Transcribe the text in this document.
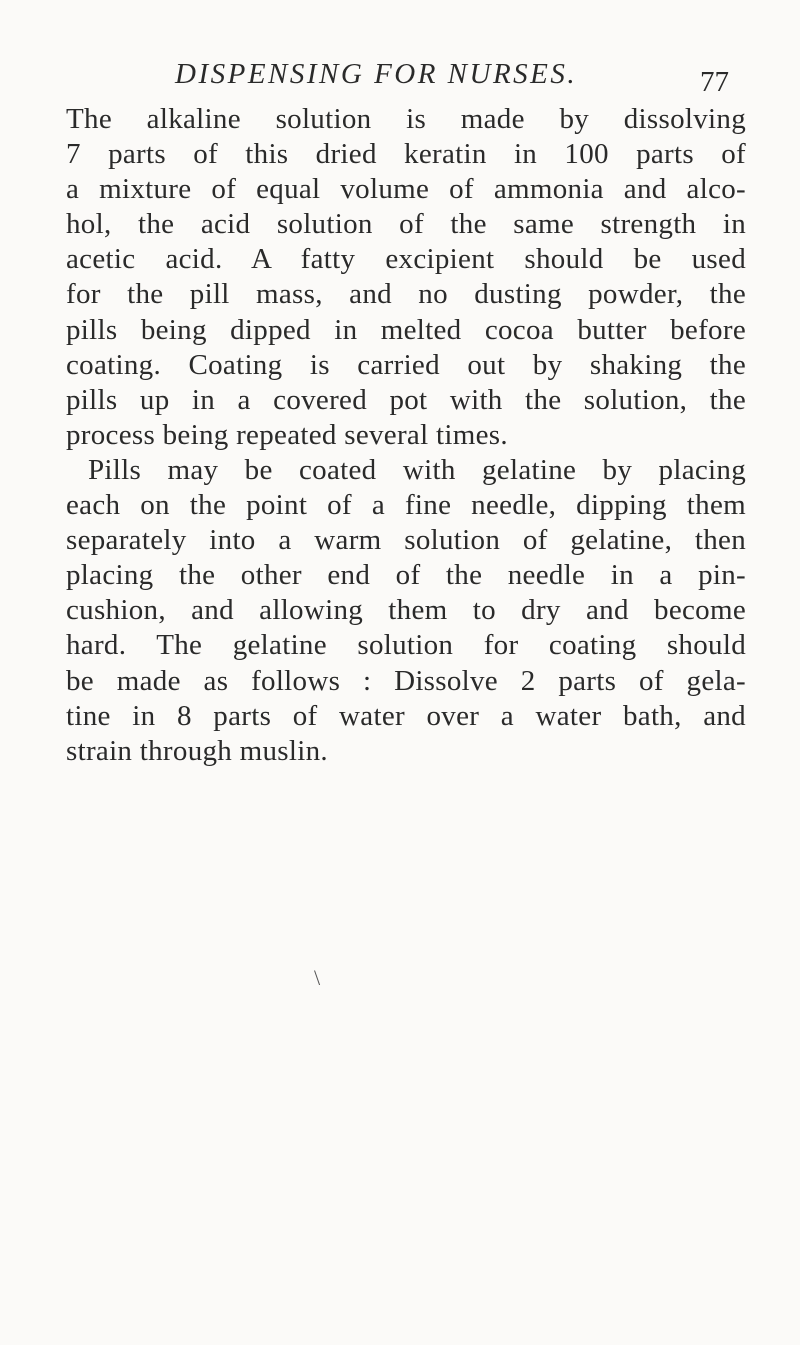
DISPENSING FOR NURSES.	77
The alkaline solution is made by dissolving
7 parts of this dried keratin in 100 parts of
a mixture of equal volume of ammonia and alco-
hol, the acid solution of the same strength in
acetic acid. A fatty excipient should be used
for the pill mass, and no dusting powder, the
pills being dipped in melted cocoa butter before
coating. Coating is carried out by shaking the
pills up in a covered pot with the solution, the
process being repeated several times.
Pills may be coated with gelatine by placing
each on the point of a fine needle, dipping them
separately into a warm solution of gelatine, then
placing the other end of the needle in a pin-
cushion, and allowing them to dry and become
hard. The gelatine solution for coating should
be made as follows : Dissolve 2 parts of gela-
tine in 8 parts of water over a water bath, and
strain through muslin.
\
